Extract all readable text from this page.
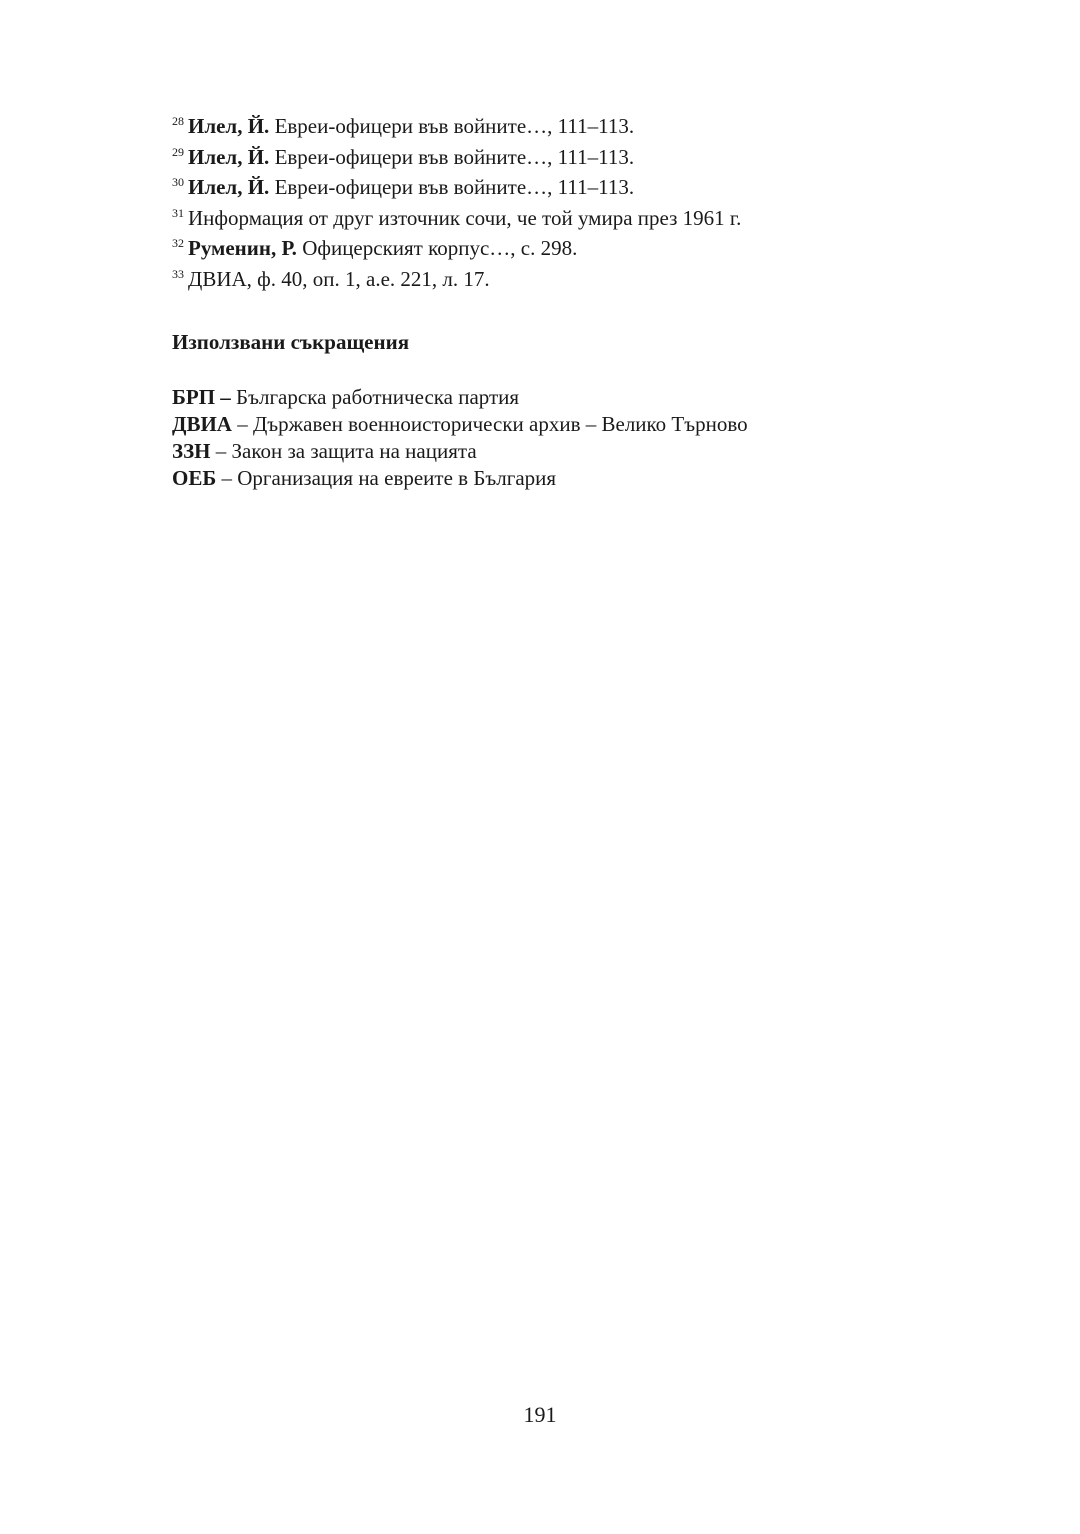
$^{28}$ Илел, Й. Евреи-офицери във войните…, 111–113.
$^{29}$ Илел, Й. Евреи-офицери във войните…, 111–113.
$^{30}$ Илел, Й. Евреи-офицери във войните…, 111–113.
$^{31}$ Информация от друг източник сочи, че той умира през 1961 г.
$^{32}$ Руменин, Р. Офицерският корпус…, с. 298.
$^{33}$ ДВИА, ф. 40, оп. 1, а.е. 221, л. 17.
Използвани съкращения
БРП – Българска работническа партия
ДВИА – Държавен военноисторически архив – Велико Търново
ЗЗН – Закон за защита на нацията
ОЕБ – Организация на евреите в България
191
